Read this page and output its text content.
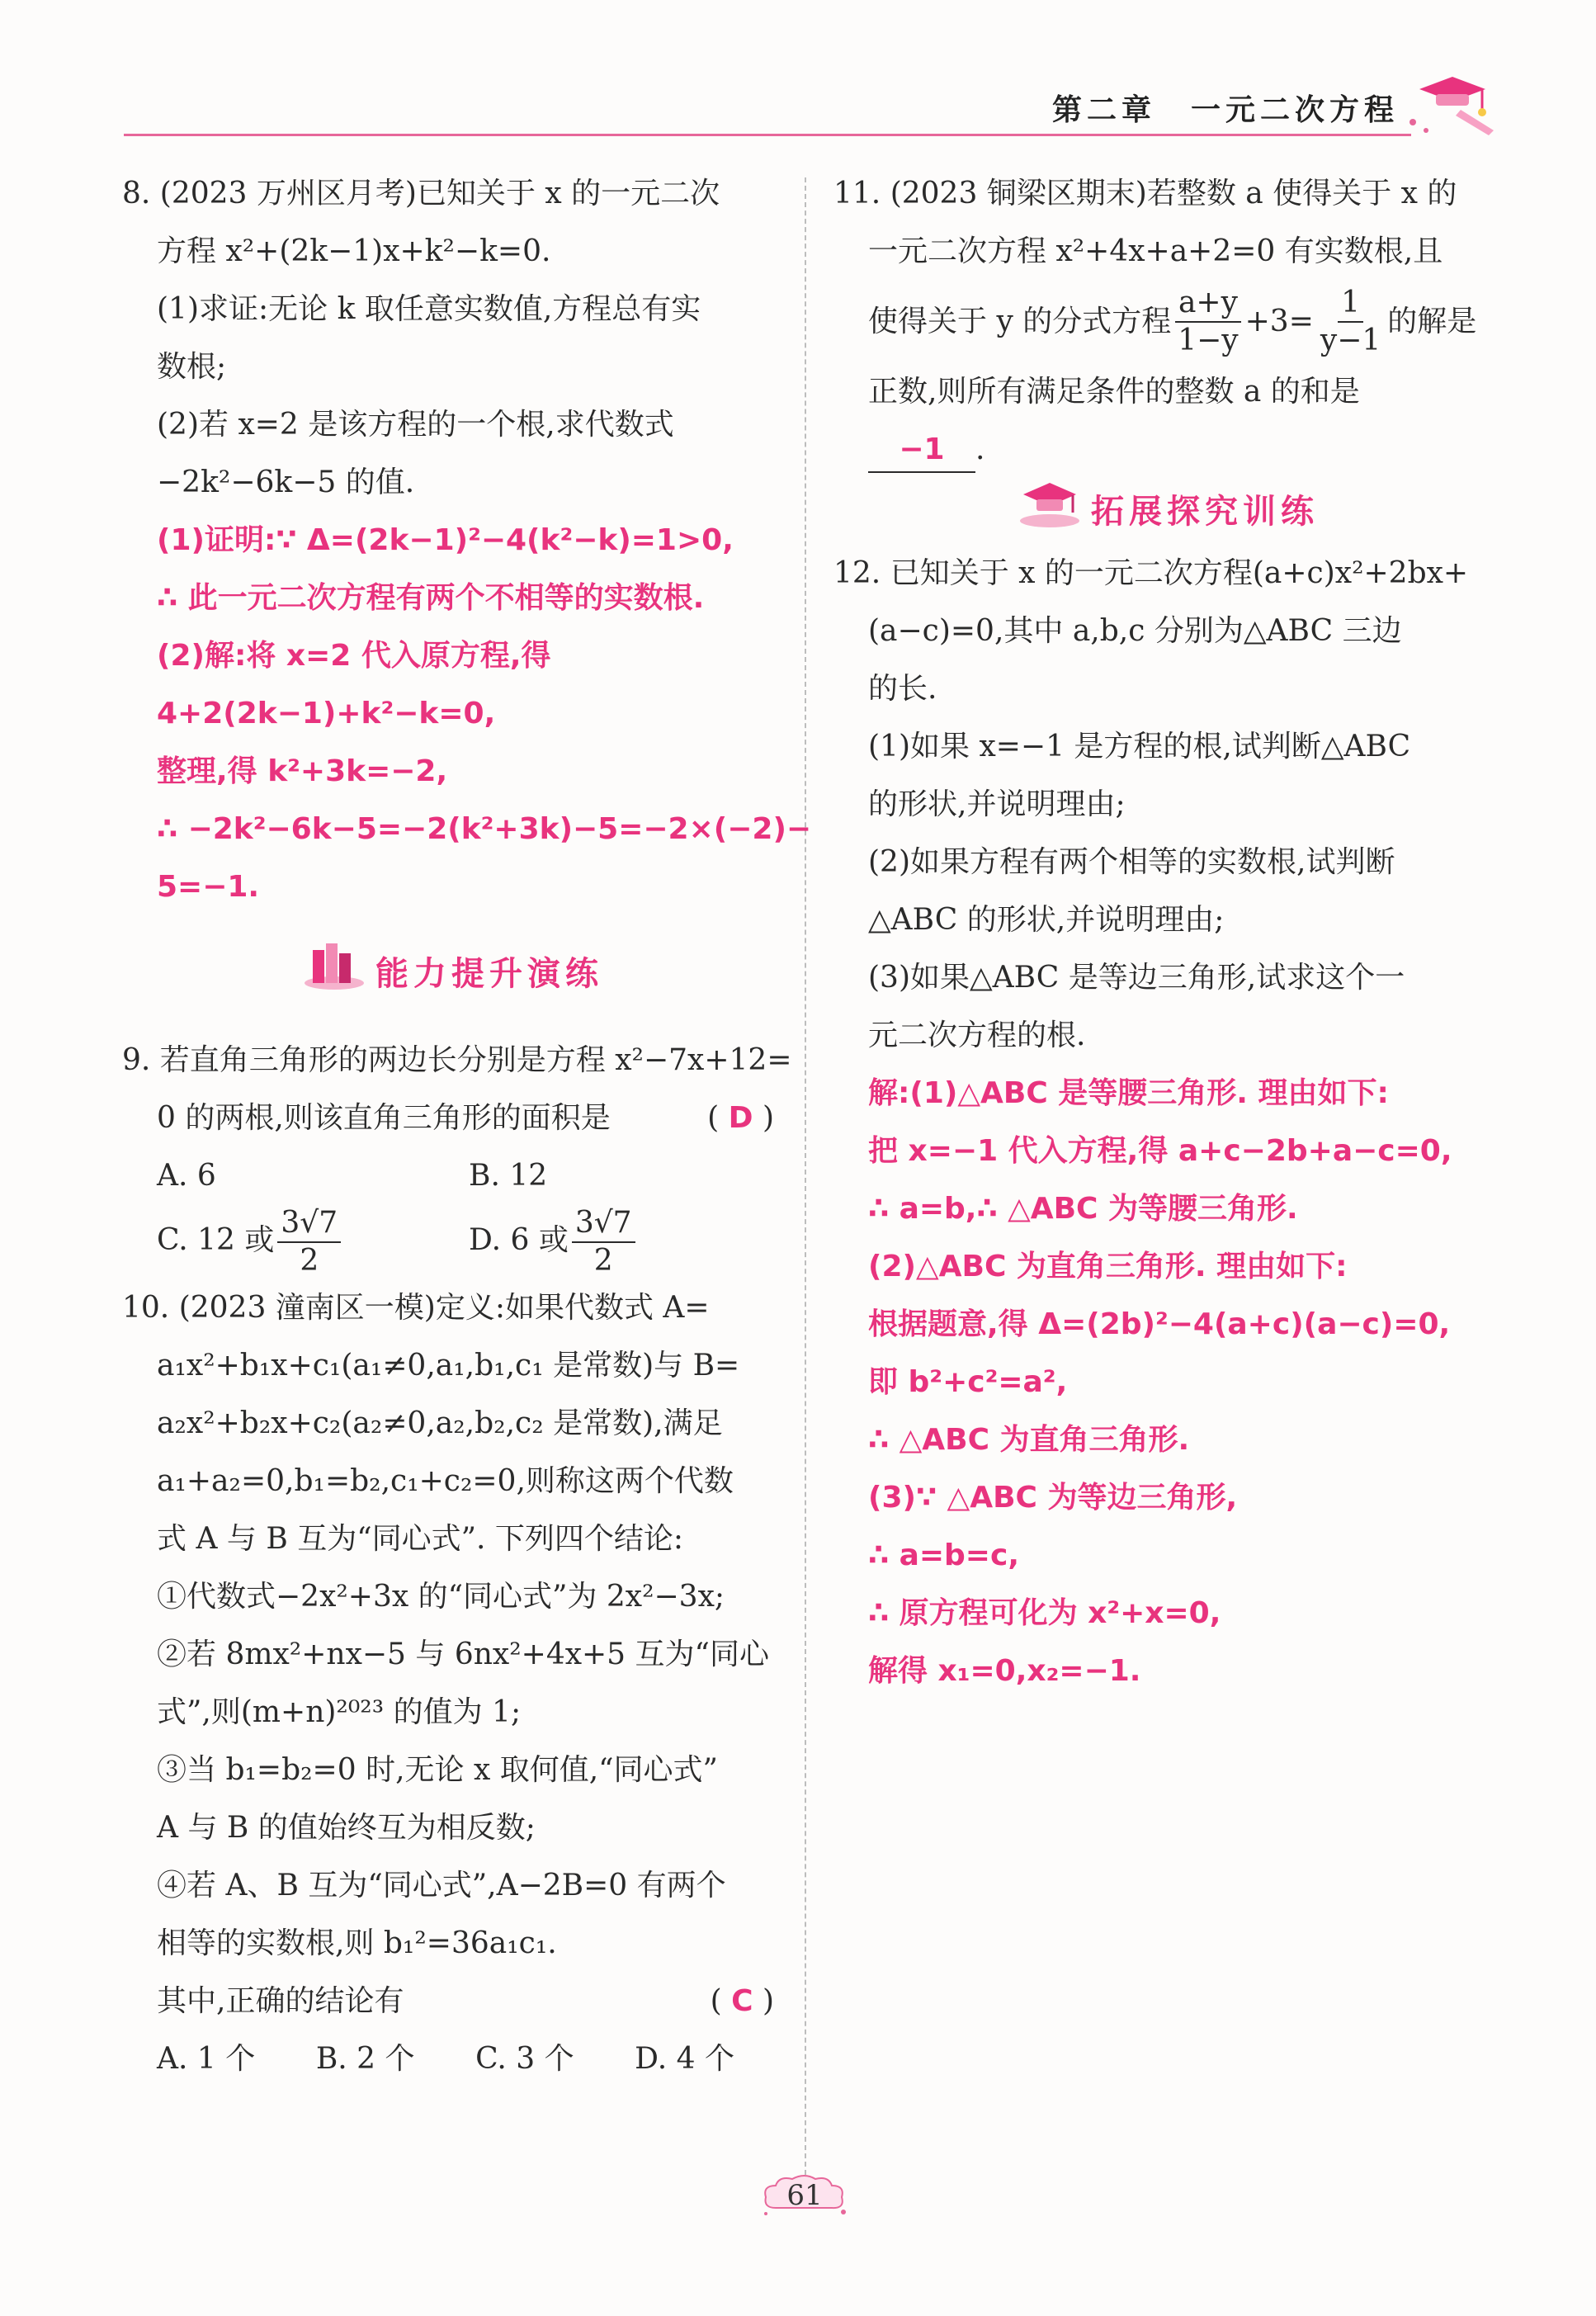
第二章　一元二次方程
8. (2023 万州区月考)已知关于 x 的一元二次
方程 x²+(2k−1)x+k²−k=0.
(1)求证:无论 k 取任意实数值,方程总有实
数根;
(2)若 x=2 是该方程的一个根,求代数式
−2k²−6k−5 的值.
(1)证明:∵ Δ=(2k−1)²−4(k²−k)=1>0,
∴ 此一元二次方程有两个不相等的实数根.
(2)解:将 x=2 代入原方程,得
4+2(2k−1)+k²−k=0,
整理,得 k²+3k=−2,
∴ −2k²−6k−5=−2(k²+3k)−5=−2×(−2)−
5=−1.
能力提升演练
9. 若直角三角形的两边长分别是方程 x²−7x+12=
0 的两根,则该直角三角形的面积是	( D )
A. 6	B. 12
C. 12 或 $\frac{3√7}{2}$	D. 6 或 $\frac{3√7}{2}$
10. (2023 潼南区一模)定义:如果代数式 A=
a₁x²+b₁x+c₁(a₁≠0,a₁,b₁,c₁ 是常数)与 B=
a₂x²+b₂x+c₂(a₂≠0,a₂,b₂,c₂ 是常数),满足
a₁+a₂=0,b₁=b₂,c₁+c₂=0,则称这两个代数
式 A 与 B 互为“同心式”. 下列四个结论:
①代数式−2x²+3x 的“同心式”为 2x²−3x;
②若 8mx²+nx−5 与 6nx²+4x+5 互为“同心
式”,则(m+n)²⁰²³ 的值为 1;
③当 b₁=b₂=0 时,无论 x 取何值,“同心式”
A 与 B 的值始终互为相反数;
④若 A、B 互为“同心式”,A−2B=0 有两个
相等的实数根,则 b₁²=36a₁c₁.
其中,正确的结论有	( C )
A. 1 个 B. 2 个 C. 3 个 D. 4 个
11. (2023 铜梁区期末)若整数 a 使得关于 x 的
一元二次方程 x²+4x+a+2=0 有实数根,且
使得关于 y 的分式方程 $\frac{a+y}{1-y} +3= \frac{1}{y-1}$ 的解是
正数,则所有满足条件的整数 a 的和是
−1 .
拓展探究训练
12. 已知关于 x 的一元二次方程(a+c)x²+2bx+
(a−c)=0,其中 a,b,c 分别为△ABC 三边
的长.
(1)如果 x=−1 是方程的根,试判断△ABC
的形状,并说明理由;
(2)如果方程有两个相等的实数根,试判断
△ABC 的形状,并说明理由;
(3)如果△ABC 是等边三角形,试求这个一
元二次方程的根.
解:(1)△ABC 是等腰三角形. 理由如下:
把 x=−1 代入方程,得 a+c−2b+a−c=0,
∴ a=b,∴ △ABC 为等腰三角形.
(2)△ABC 为直角三角形. 理由如下:
根据题意,得 Δ=(2b)²−4(a+c)(a−c)=0,
即 b²+c²=a²,
∴ △ABC 为直角三角形.
(3)∵ △ABC 为等边三角形,
∴ a=b=c,
∴ 原方程可化为 x²+x=0,
解得 x₁=0,x₂=−1.
61
